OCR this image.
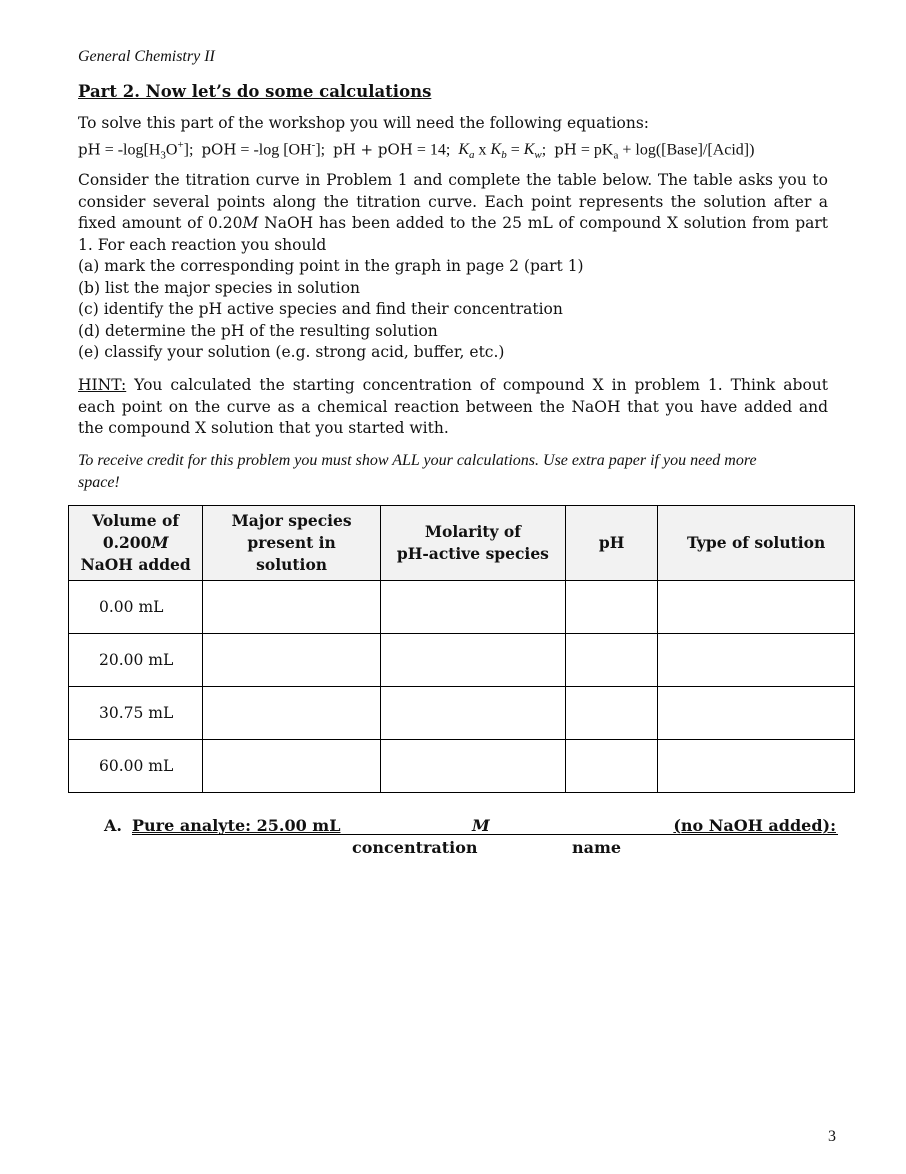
General Chemistry II
Part 2. Now let’s do some calculations
To solve this part of the workshop you will need the following equations:
pH = $-\log[H_3O^+]$;  pOH = -log [OH-];  pH + pOH = 14;  $K_a$ x $K_b = K_w$;  pH = $pK_a$ + log([Base]/[Acid])
Consider the titration curve in Problem 1 and complete the table below. The table asks you to consider several points along the titration curve. Each point represents the solution after a fixed amount of 0.20M NaOH has been added to the 25 mL of compound X solution from part 1. For each reaction you should
(a) mark the corresponding point in the graph in page 2 (part 1)
(b) list the major species in solution
(c) identify the pH active species and find their concentration
(d) determine the pH of the resulting solution
(e) classify your solution (e.g. strong acid, buffer, etc.)
HINT: You calculated the starting concentration of compound X in problem 1. Think about each point on the curve as a chemical reaction between the NaOH that you have added and the compound X solution that you started with.
To receive credit for this problem you must show ALL your calculations. Use extra paper if you need more space!
Volume of
0.200M
NaOH added	Major species
present in
solution	Molarity of
pH-active species	pH	Type of solution
0.00 mL				
20.00 mL				
30.75 mL				
60.00 mL				
A. Pure analyte: 25.00 mL	M	(no NaOH added):
concentration	name
3
